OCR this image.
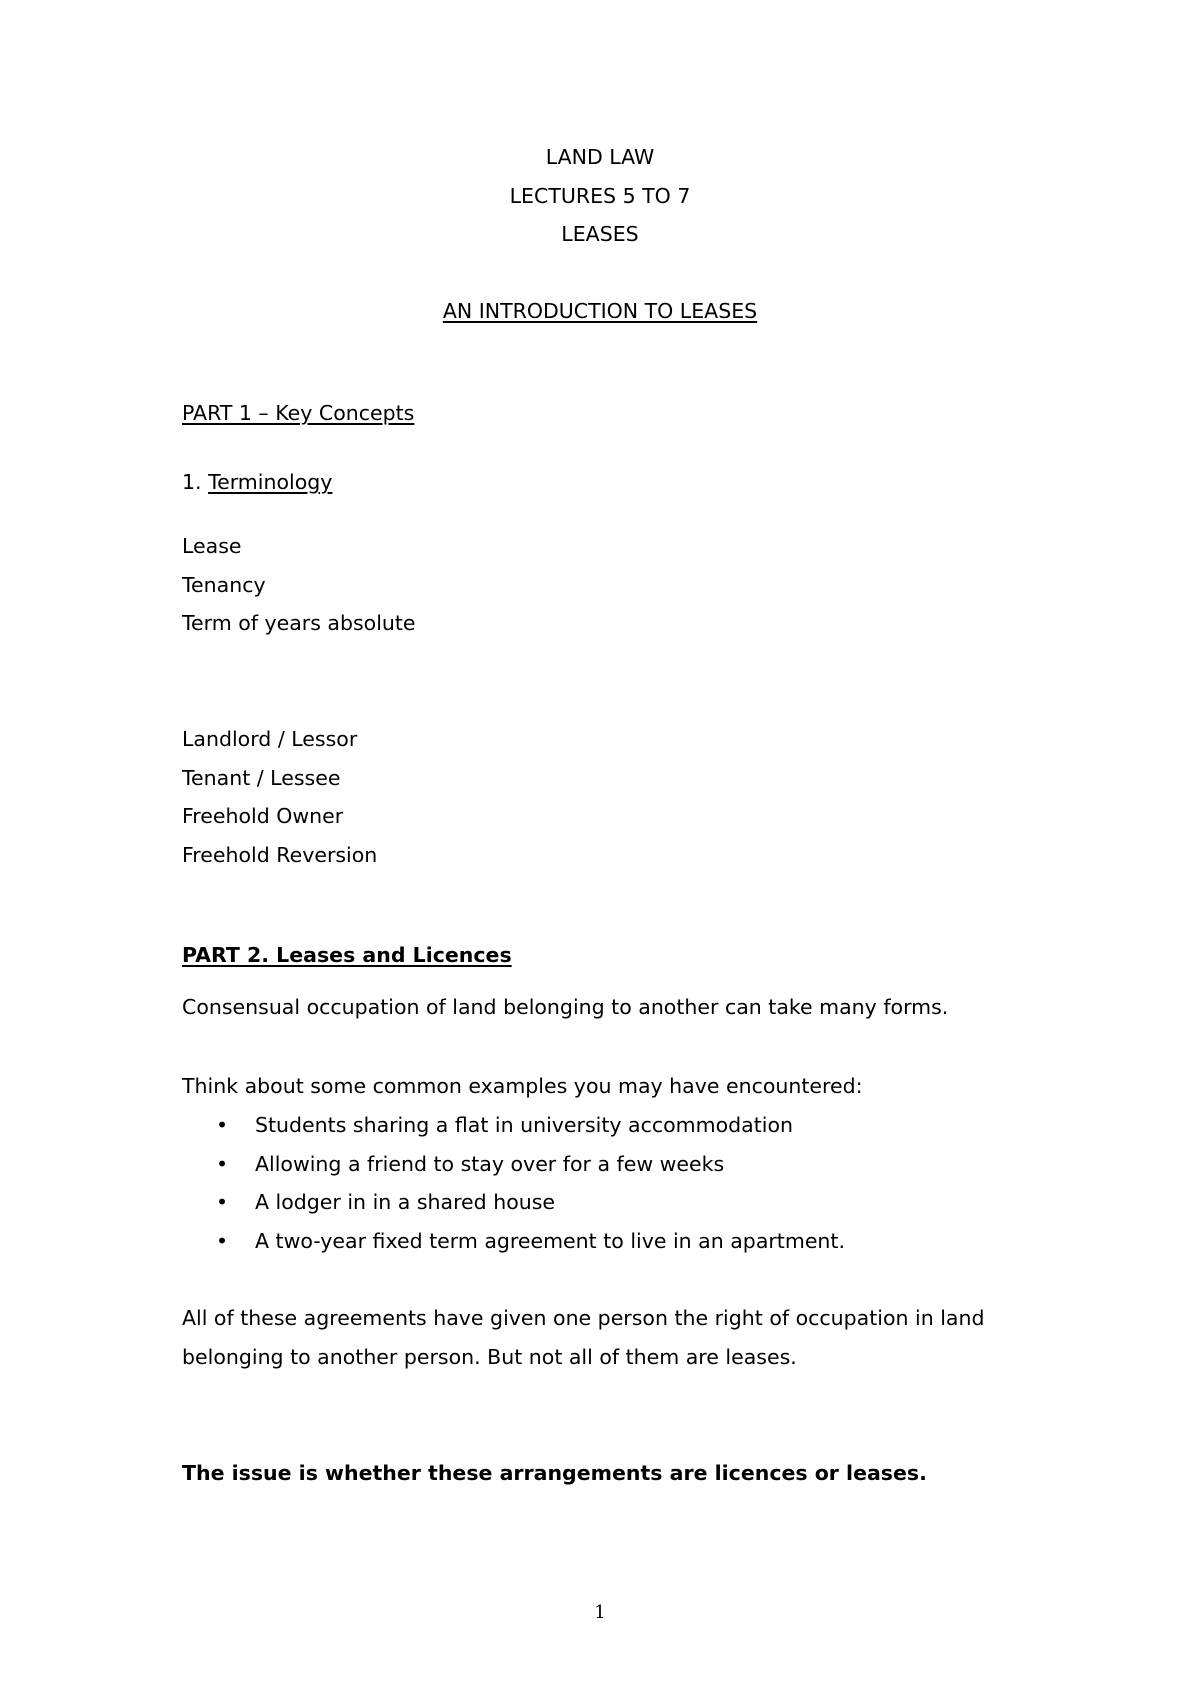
LAND LAW

LECTURES 5 TO 7

LEASES

AN INTRODUCTION TO LEASES

PART 1 – Key Concepts

1. Terminology

Lease

Tenancy

Term of years absolute

Landlord / Lessor

Tenant / Lessee

Freehold Owner

Freehold Reversion

PART 2. Leases and Licences

Consensual occupation of land belonging to another can take many forms.

Think about some common examples you may have encountered:

• Students sharing a flat in university accommodation
• Allowing a friend to stay over for a few weeks
• A lodger in in a shared house
• A two-year fixed term agreement to live in an apartment.

All of these agreements have given one person the right of occupation in land

belonging to another person. But not all of them are leases.

The issue is whether these arrangements are licences or leases.

1
